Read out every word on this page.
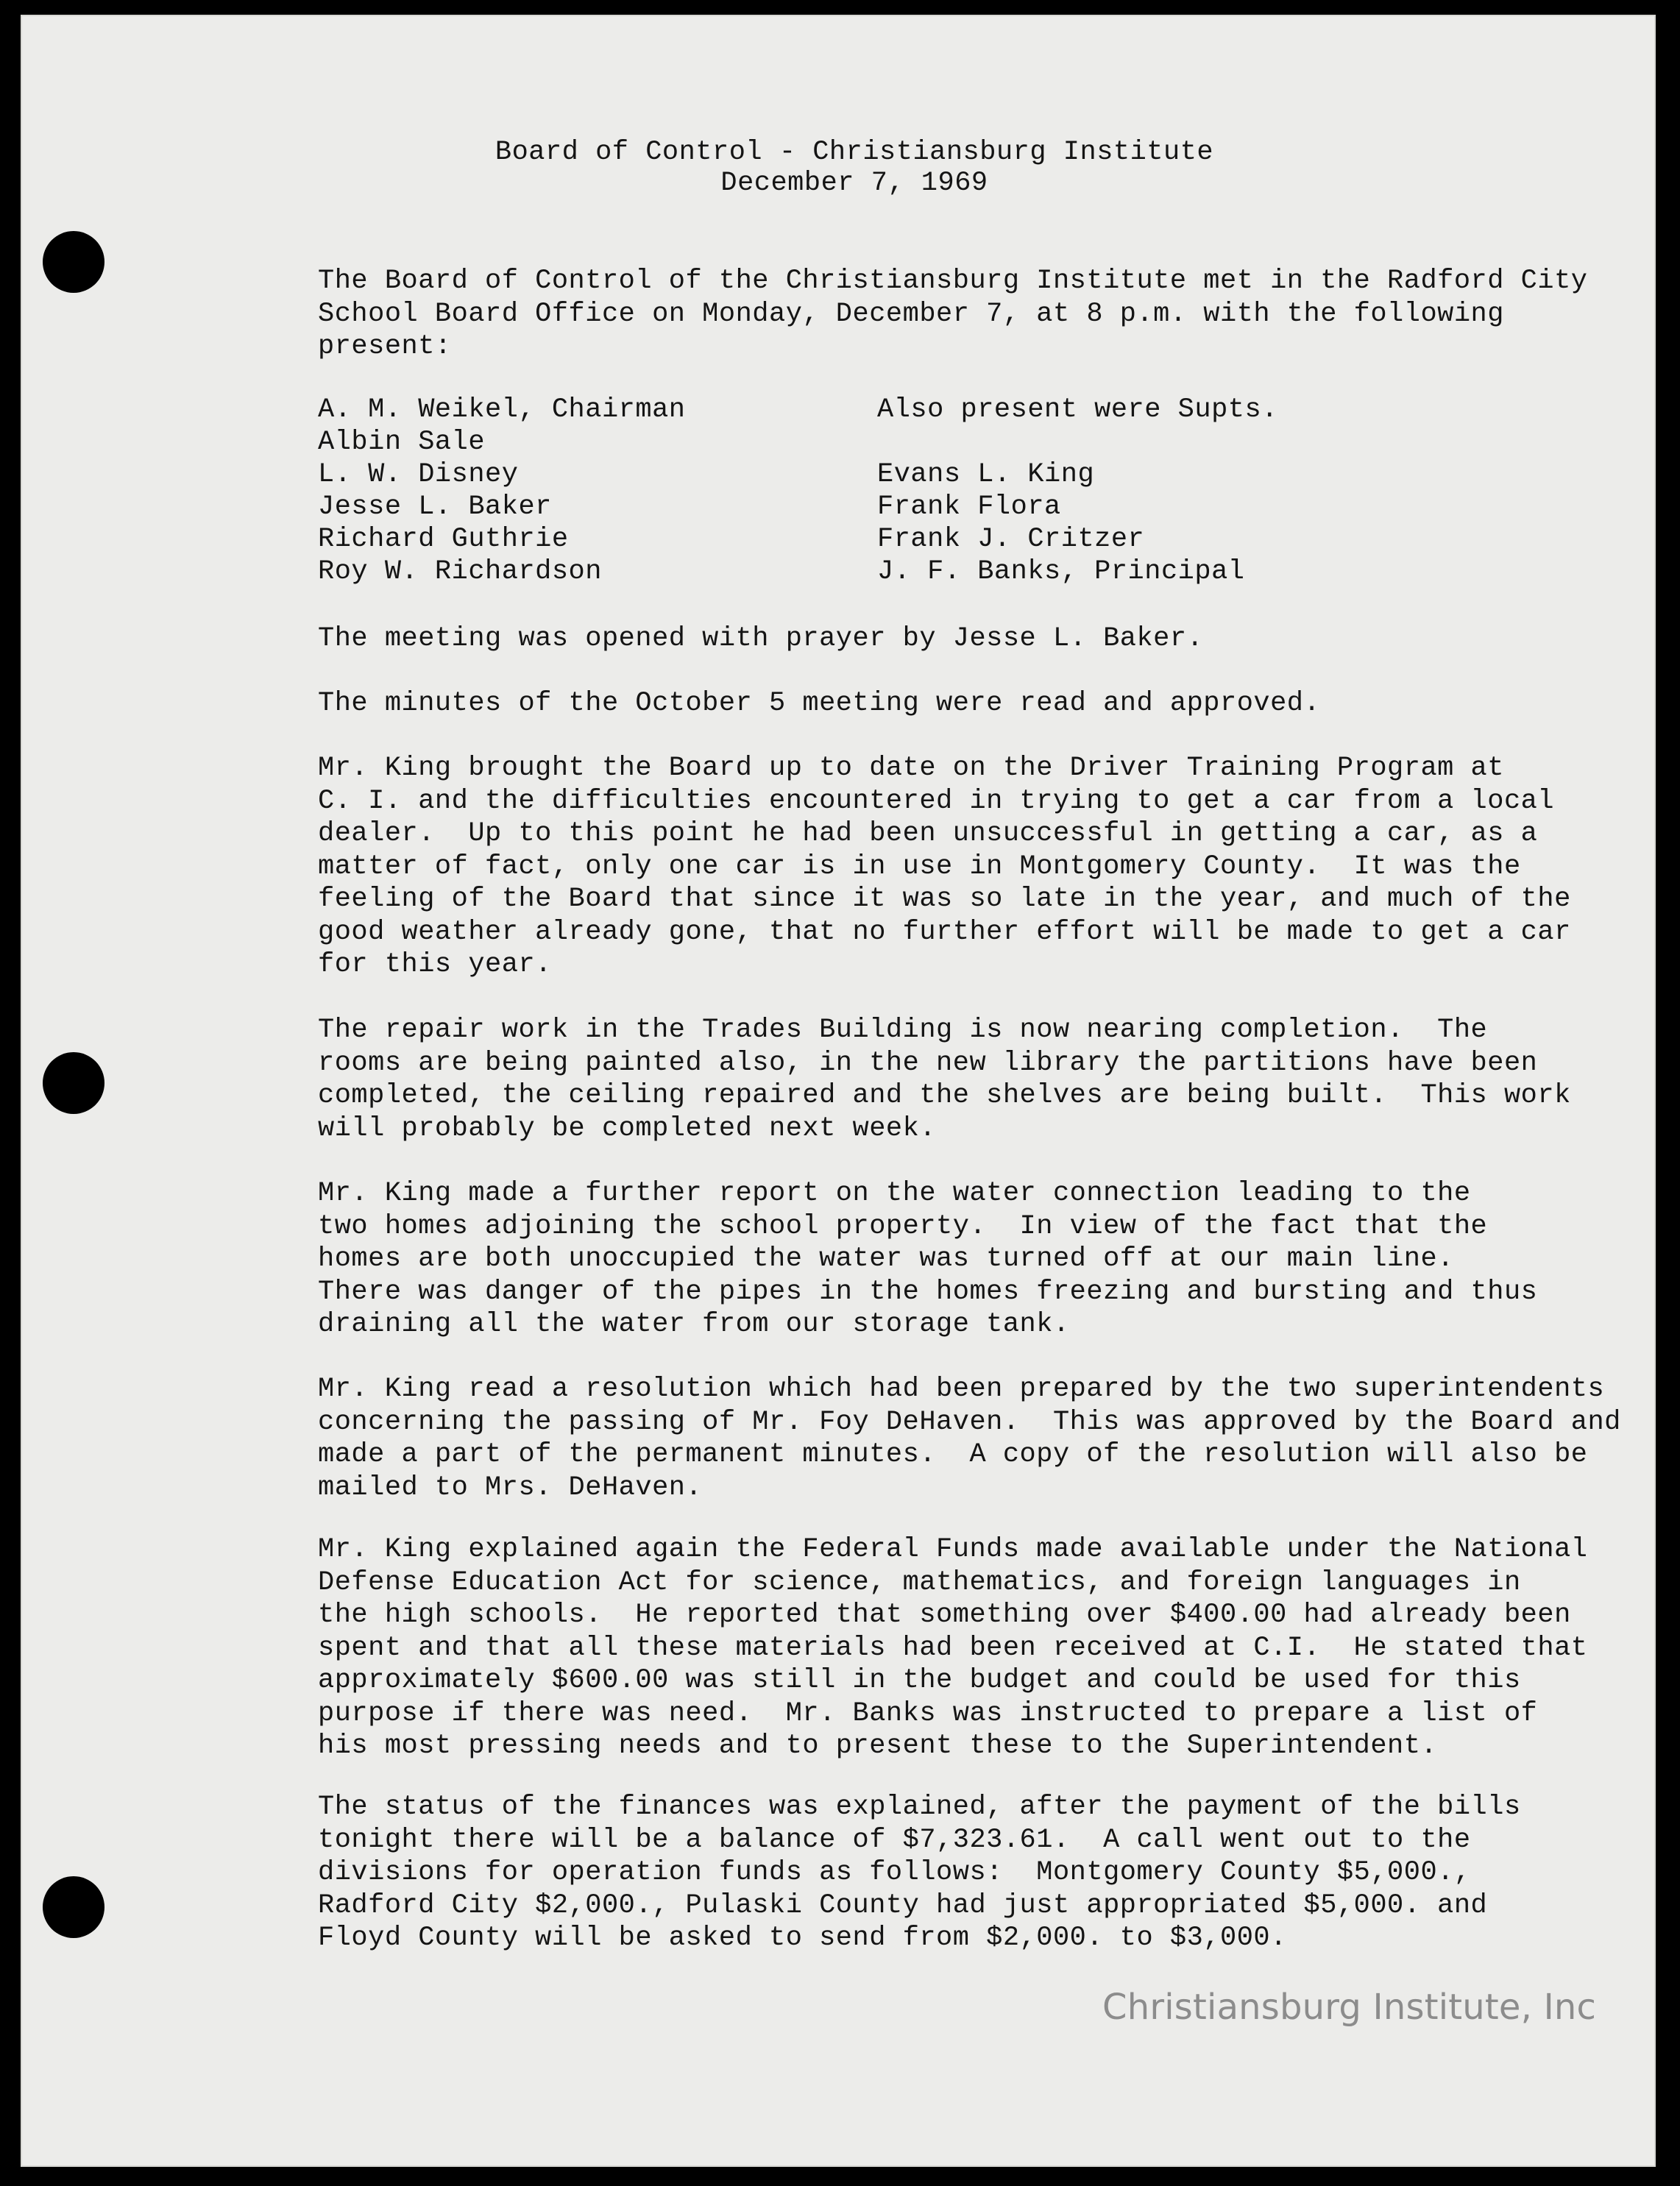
Board of Control - Christiansburg Institute
December 7, 1969
The Board of Control of the Christiansburg Institute met in the Radford City
School Board Office on Monday, December 7, at 8 p.m. with the following
present:
A. M. Weikel, Chairman
Albin Sale
L. W. Disney
Jesse L. Baker
Richard Guthrie
Roy W. Richardson
Also present were Supts.
Evans L. King
Frank Flora
Frank J. Critzer
J. F. Banks, Principal
The meeting was opened with prayer by Jesse L. Baker.
The minutes of the October 5 meeting were read and approved.
Mr. King brought the Board up to date on the Driver Training Program at
C. I. and the difficulties encountered in trying to get a car from a local
dealer.  Up to this point he had been unsuccessful in getting a car, as a
matter of fact, only one car is in use in Montgomery County.  It was the
feeling of the Board that since it was so late in the year, and much of the
good weather already gone, that no further effort will be made to get a car
for this year.
The repair work in the Trades Building is now nearing completion.  The
rooms are being painted also, in the new library the partitions have been
completed, the ceiling repaired and the shelves are being built.  This work
will probably be completed next week.
Mr. King made a further report on the water connection leading to the
two homes adjoining the school property.  In view of the fact that the
homes are both unoccupied the water was turned off at our main line.
There was danger of the pipes in the homes freezing and bursting and thus
draining all the water from our storage tank.
Mr. King read a resolution which had been prepared by the two superintendents
concerning the passing of Mr. Foy DeHaven.  This was approved by the Board and
made a part of the permanent minutes.  A copy of the resolution will also be
mailed to Mrs. DeHaven.
Mr. King explained again the Federal Funds made available under the National
Defense Education Act for science, mathematics, and foreign languages in
the high schools.  He reported that something over $400.00 had already been
spent and that all these materials had been received at C.I.  He stated that
approximately $600.00 was still in the budget and could be used for this
purpose if there was need.  Mr. Banks was instructed to prepare a list of
his most pressing needs and to present these to the Superintendent.
The status of the finances was explained, after the payment of the bills
tonight there will be a balance of $7,323.61.  A call went out to the
divisions for operation funds as follows:  Montgomery County $5,000.,
Radford City $2,000., Pulaski County had just appropriated $5,000. and
Floyd County will be asked to send from $2,000. to $3,000.
Christiansburg Institute, Inc
